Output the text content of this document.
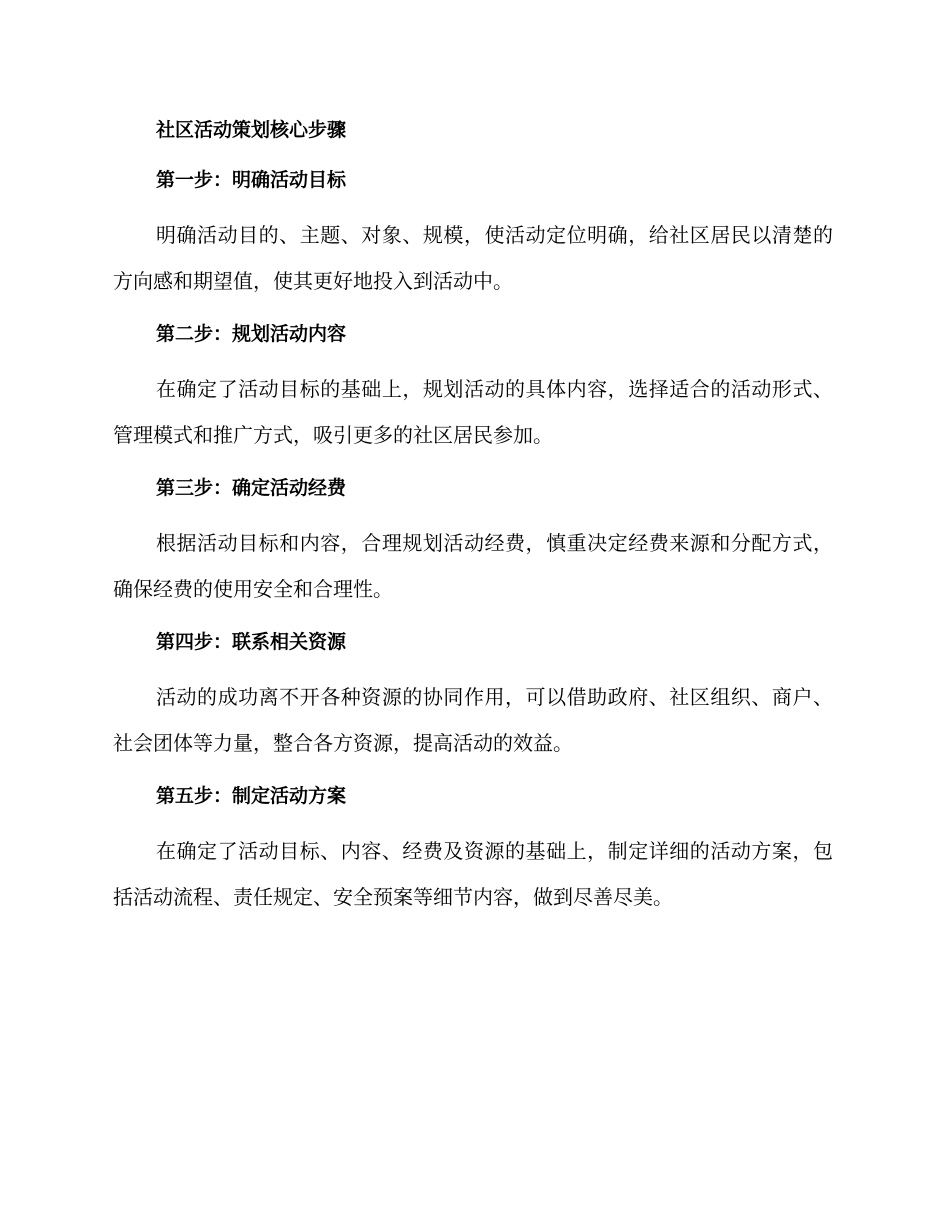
社区活动策划核心步骤

第一步：明确活动目标

明确活动目的、主题、对象、规模，使活动定位明确，给社区居民以清楚的方向感和期望值，使其更好地投入到活动中。

第二步：规划活动内容

在确定了活动目标的基础上，规划活动的具体内容，选择适合的活动形式、管理模式和推广方式，吸引更多的社区居民参加。

第三步：确定活动经费

根据活动目标和内容，合理规划活动经费，慎重决定经费来源和分配方式，确保经费的使用安全和合理性。

第四步：联系相关资源

活动的成功离不开各种资源的协同作用，可以借助政府、社区组织、商户、社会团体等力量，整合各方资源，提高活动的效益。

第五步：制定活动方案

在确定了活动目标、内容、经费及资源的基础上，制定详细的活动方案，包括活动流程、责任规定、安全预案等细节内容，做到尽善尽美。
